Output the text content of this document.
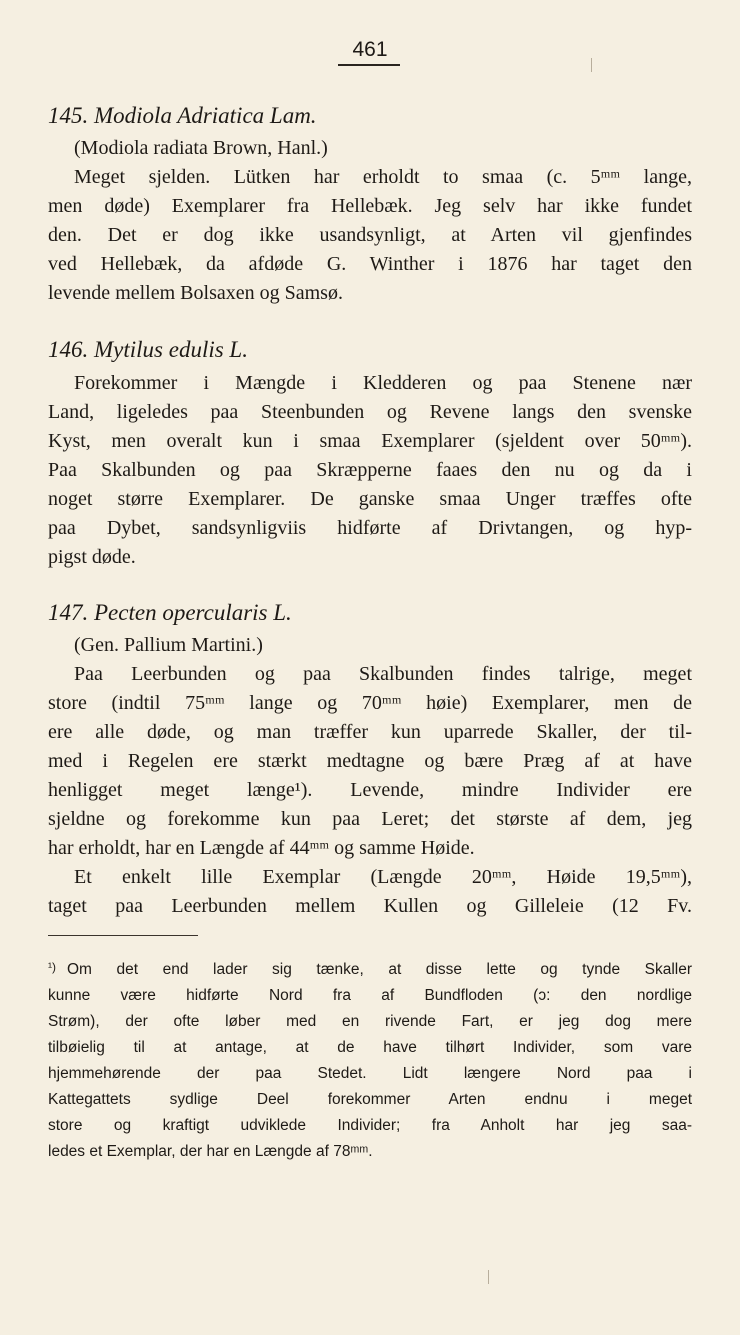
461
145. Modiola Adriatica Lam.
(Modiola radiata Brown, Hanl.)
Meget sjelden. Lütken har erholdt to smaa (c. 5ᵐᵐ lange,
men døde) Exemplarer fra Hellebæk. Jeg selv har ikke fundet
den. Det er dog ikke usandsynligt, at Arten vil gjenfindes
ved Hellebæk, da afdøde G. Winther i 1876 har taget den
levende mellem Bolsaxen og Samsø.
146. Mytilus edulis L.
Forekommer i Mængde i Kledderen og paa Stenene nær
Land, ligeledes paa Steenbunden og Revene langs den svenske
Kyst, men overalt kun i smaa Exemplarer (sjeldent over 50ᵐᵐ).
Paa Skalbunden og paa Skræpperne faaes den nu og da i
noget større Exemplarer. De ganske smaa Unger træffes ofte
paa Dybet, sandsynligviis hidførte af Drivtangen, og hyp-
pigst døde.
147. Pecten opercularis L.
(Gen. Pallium Martini.)
Paa Leerbunden og paa Skalbunden findes talrige, meget
store (indtil 75ᵐᵐ lange og 70ᵐᵐ høie) Exemplarer, men de
ere alle døde, og man træffer kun uparrede Skaller, der til-
med i Regelen ere stærkt medtagne og bære Præg af at have
henligget meget længe¹). Levende, mindre Individer ere
sjeldne og forekomme kun paa Leret; det største af dem, jeg
har erholdt, har en Længde af 44ᵐᵐ og samme Høide.
Et enkelt lille Exemplar (Længde 20ᵐᵐ, Høide 19,5ᵐᵐ),
taget paa Leerbunden mellem Kullen og Gilleleie (12 Fv.
¹) Om det end lader sig tænke, at disse lette og tynde Skaller
kunne være hidførte Nord fra af Bundfloden (ɔ: den nordlige
Strøm), der ofte løber med en rivende Fart, er jeg dog mere
tilbøielig til at antage, at de have tilhørt Individer, som vare
hjemmehørende der paa Stedet. Lidt længere Nord paa i
Kattegattets sydlige Deel forekommer Arten endnu i meget
store og kraftigt udviklede Individer; fra Anholt har jeg saa-
ledes et Exemplar, der har en Længde af 78ᵐᵐ.
